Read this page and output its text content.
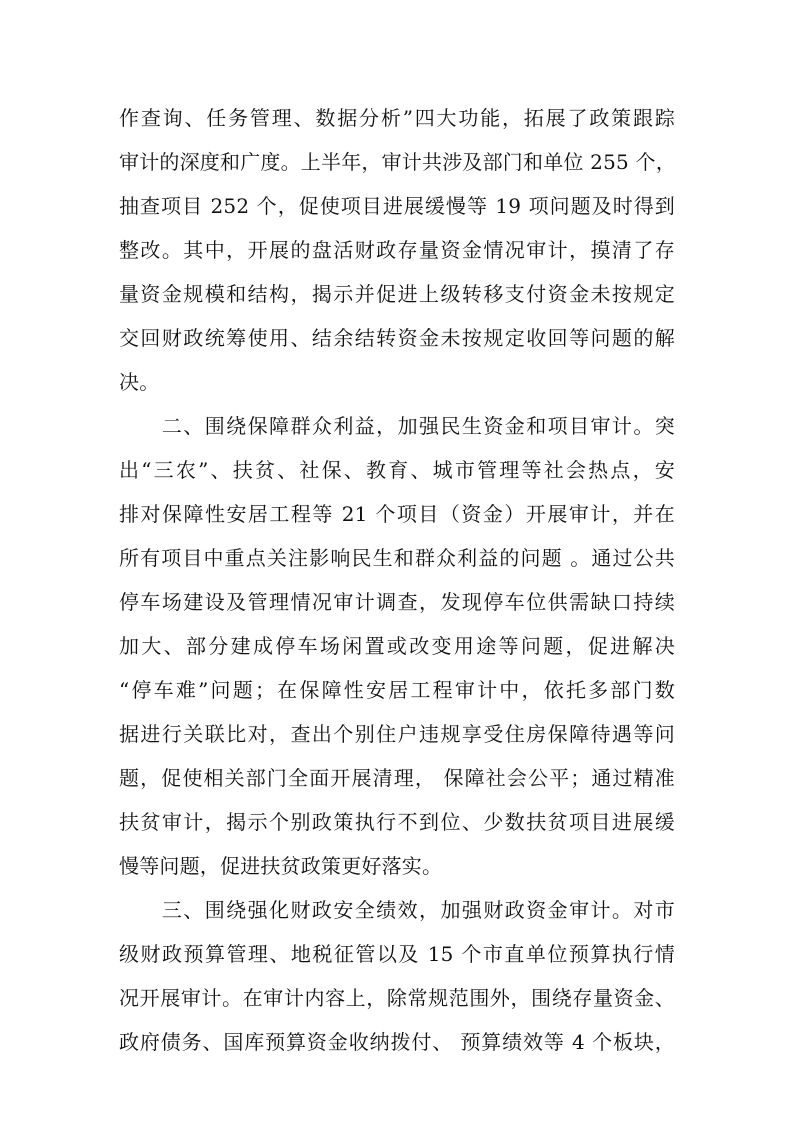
作查询、任务管理、数据分析”四大功能，拓展了政策跟踪
审计的深度和广度。上半年，审计共涉及部门和单位 255 个，
抽查项目 252 个，促使项目进展缓慢等 19 项问题及时得到
整改。其中，开展的盘活财政存量资金情况审计，摸清了存
量资金规模和结构，揭示并促进上级转移支付资金未按规定
交回财政统筹使用、结余结转资金未按规定收回等问题的解
决。
　　二、围绕保障群众利益，加强民生资金和项目审计。突
出“三农”、扶贫、社保、教育、城市管理等社会热点，安
排对保障性安居工程等 21 个项目（资金）开展审计，并在
所有项目中重点关注影响民生和群众利益的问题 。通过公共
停车场建设及管理情况审计调查，发现停车位供需缺口持续
加大、部分建成停车场闲置或改变用途等问题，促进解决
“停车难”问题；在保障性安居工程审计中，依托多部门数
据进行关联比对，查出个别住户违规享受住房保障待遇等问
题，促使相关部门全面开展清理， 保障社会公平；通过精准
扶贫审计，揭示个别政策执行不到位、少数扶贫项目进展缓
慢等问题，促进扶贫政策更好落实。
　　三、围绕强化财政安全绩效，加强财政资金审计。对市
级财政预算管理、地税征管以及 15 个市直单位预算执行情
况开展审计。在审计内容上，除常规范围外，围绕存量资金、
政府债务、国库预算资金收纳拨付、 预算绩效等 4 个板块，
